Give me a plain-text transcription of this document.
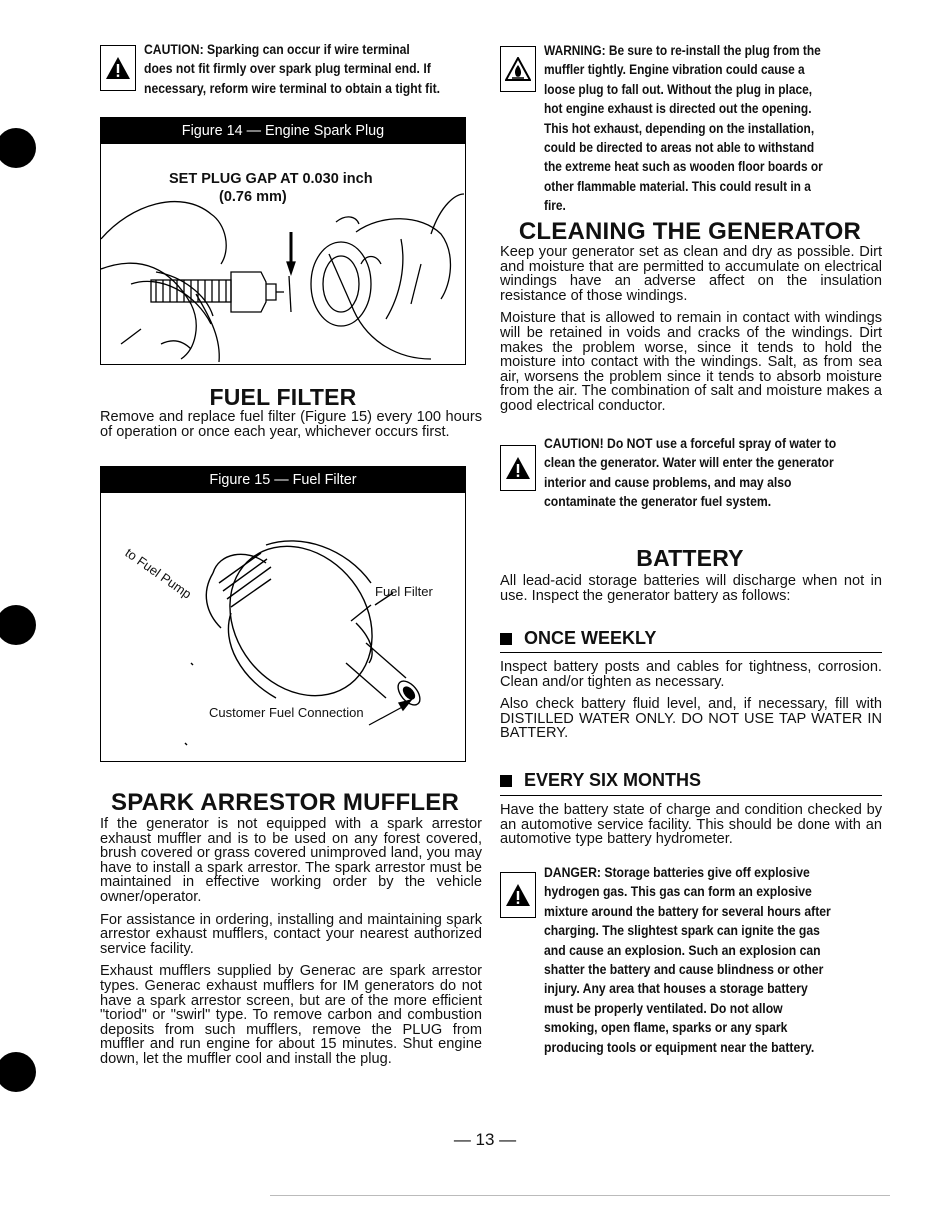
CAUTION: Sparking can occur if wire terminal does not fit firmly over spark plug terminal end. If necessary, reform wire terminal to obtain a tight fit.
Figure 14 — Engine Spark Plug
SET PLUG GAP AT 0.030 inch
(0.76 mm)
FUEL FILTER

Remove and replace fuel filter (Figure 15) every 100 hours of operation or once each year, whichever occurs first.

Figure 15 — Fuel Filter
to Fuel Pump	Fuel Filter
Customer Fuel Connection
SPARK ARRESTOR MUFFLER

If the generator is not equipped with a spark arrestor exhaust muffler and is to be used on any forest covered, brush covered or grass covered unimproved land, you may have to install a spark arrestor. The spark arrestor must be maintained in effective working order by the vehicle owner/operator.

For assistance in ordering, installing and maintaining spark arrestor exhaust mufflers, contact your nearest authorized service facility.

Exhaust mufflers supplied by Generac are spark arrestor types. Generac exhaust mufflers for IM generators do not have a spark arrestor screen, but are of the more efficient "toriod" or "swirl" type. To remove carbon and combustion deposits from such mufflers, remove the PLUG from muffler and run engine for about 15 minutes. Shut engine down, let the muffler cool and install the plug.

WARNING: Be sure to re-install the plug from the muffler tightly. Engine vibration could cause a loose plug to fall out. Without the plug in place, hot engine exhaust is directed out the opening. This hot exhaust, depending on the installation, could be directed to areas not able to withstand the extreme heat such as wooden floor boards or other flammable material. This could result in a fire.
CLEANING THE GENERATOR

Keep your generator set as clean and dry as possible. Dirt and moisture that are permitted to accumulate on electrical windings have an adverse affect on the insulation resistance of those windings.

Moisture that is allowed to remain in contact with windings will be retained in voids and cracks of the windings. Dirt makes the problem worse, since it tends to hold the moisture into contact with the windings. Salt, as from sea air, worsens the problem since it tends to absorb moisture from the air. The combination of salt and moisture makes a good electrical conductor.

CAUTION! Do NOT use a forceful spray of water to clean the generator. Water will enter the generator interior and cause problems, and may also contaminate the generator fuel system.
BATTERY

All lead-acid storage batteries will discharge when not in use. Inspect the generator battery as follows:

ONCE WEEKLY

Inspect battery posts and cables for tightness, corrosion. Clean and/or tighten as necessary.

Also check battery fluid level, and, if necessary, fill with DISTILLED WATER ONLY. DO NOT USE TAP WATER IN BATTERY.

EVERY SIX MONTHS

Have the battery state of charge and condition checked by an automotive service facility. This should be done with an automotive type battery hydrometer.

DANGER: Storage batteries give off explosive hydrogen gas. This gas can form an explosive mixture around the battery for several hours after charging. The slightest spark can ignite the gas and cause an explosion. Such an explosion can shatter the battery and cause blindness or other injury. Any area that houses a storage battery must be properly ventilated. Do not allow smoking, open flame, sparks or any spark producing tools or equipment near the battery.
— 13 —
